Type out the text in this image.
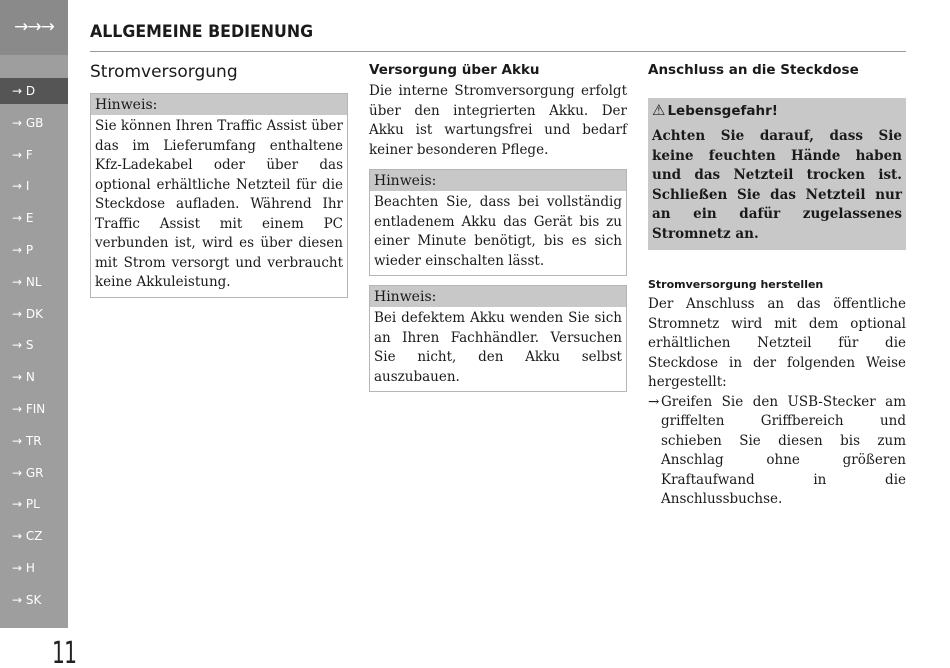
→→→
→ D
→ GB
→ F
→ I
→ E
→ P
→ NL
→ DK
→ S
→ N
→ FIN
→ TR
→ GR
→ PL
→ CZ
→ H
→ SK
11
ALLGEMEINE BEDIENUNG
Stromversorgung
Hinweis:
Sie können Ihren Traffic Assist über das im Lieferumfang enthaltene Kfz-Ladekabel oder über das optional erhältliche Netzteil für die Steckdose aufladen. Während Ihr Traffic Assist mit einem PC verbunden ist, wird es über diesen mit Strom versorgt und verbraucht keine Akkuleistung.
Versorgung über Akku

Die interne Stromversorgung erfolgt über den integrierten Akku. Der Akku ist wartungsfrei und bedarf keiner besonderen Pflege.

Hinweis:
Beachten Sie, dass bei vollständig entladenem Akku das Gerät bis zu einer Minute benötigt, bis es sich wieder einschalten lässt.
Hinweis:
Bei defektem Akku wenden Sie sich an Ihren Fachhändler. Versuchen Sie nicht, den Akku selbst auszubauen.
Anschluss an die Steckdose
⚠ Lebensgefahr!
Achten Sie darauf, dass Sie keine feuchten Hände haben und das Netzteil trocken ist. Schließen Sie das Netzteil nur an ein dafür zugelassenes Stromnetz an.
Stromversorgung herstellen

Der Anschluss an das öffentliche Stromnetz wird mit dem optional erhältlichen Netzteil für die Steckdose in der folgenden Weise hergestellt:

→ Greifen Sie den USB-Stecker am griffelten Griffbereich und schieben Sie diesen bis zum Anschlag ohne größeren Kraftaufwand in die Anschlussbuchse.
